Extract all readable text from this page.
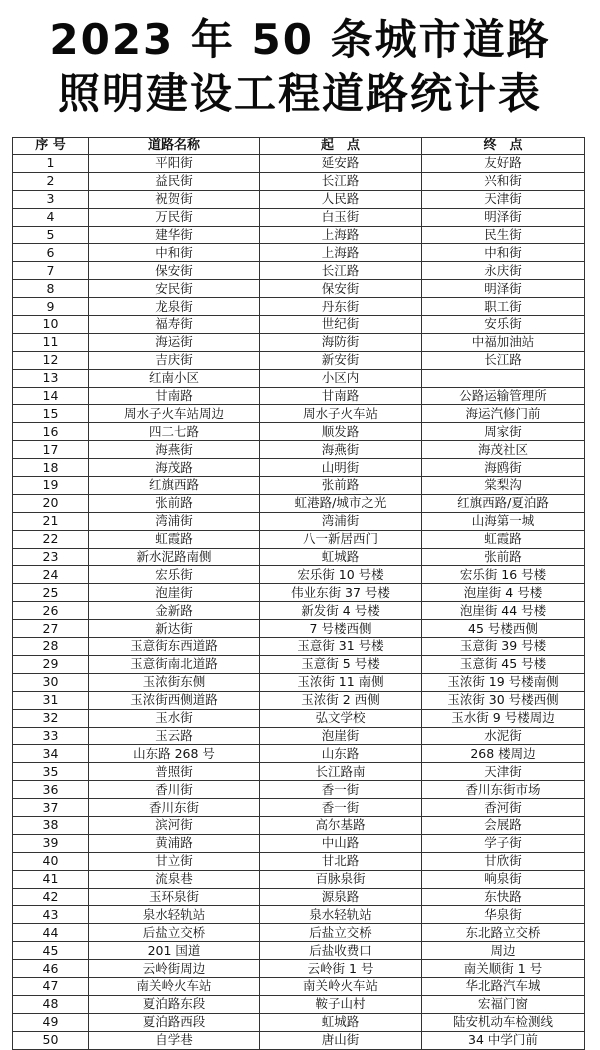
2023 年 50 条城市道路
照明建设工程道路统计表
序 号	道路名称	起　点	终　点
1	平阳街	延安路	友好路
2	益民街	长江路	兴和街
3	祝贺街	人民路	天津街
4	万民街	白玉街	明泽街
5	建华街	上海路	民生街
6	中和街	上海路	中和街
7	保安街	长江路	永庆街
8	安民街	保安街	明泽街
9	龙泉街	丹东街	职工街
10	福寿街	世纪街	安乐街
11	海运街	海防街	中福加油站
12	吉庆街	新安街	长江路
13	红南小区	小区内	
14	甘南路	甘南路	公路运输管理所
15	周水子火车站周边	周水子火车站	海运汽修门前
16	四二七路	顺发路	周家街
17	海燕街	海燕街	海茂社区
18	海茂路	山明街	海鸥街
19	红旗西路	张前路	棠梨沟
20	张前路	虹港路/城市之光	红旗西路/夏泊路
21	湾浦街	湾浦街	山海第一城
22	虹霞路	八一新居西门	虹霞路
23	新水泥路南侧	虹城路	张前路
24	宏乐街	宏乐街 10 号楼	宏乐街 16 号楼
25	泡崖街	伟业东街 37 号楼	泡崖街 4 号楼
26	金新路	新发街 4 号楼	泡崖街 44 号楼
27	新达街	7 号楼西侧	45 号楼西侧
28	玉意街东西道路	玉意街 31 号楼	玉意街 39 号楼
29	玉意街南北道路	玉意街 5 号楼	玉意街 45 号楼
30	玉浓街东侧	玉浓街 11 南侧	玉浓街 19 号楼南侧
31	玉浓街西侧道路	玉浓街 2 西侧	玉浓街 30 号楼西侧
32	玉水街	弘文学校	玉水街 9 号楼周边
33	玉云路	泡崖街	水泥街
34	山东路 268 号	山东路	268 楼周边
35	普照街	长江路南	天津街
36	香川街	香一街	香川东街市场
37	香川东街	香一街	香河街
38	滨河街	高尔基路	会展路
39	黄浦路	中山路	学子街
40	甘立街	甘北路	甘欣街
41	流泉巷	百脉泉街	响泉街
42	玉环泉街	源泉路	东快路
43	泉水轻轨站	泉水轻轨站	华泉街
44	后盐立交桥	后盐立交桥	东北路立交桥
45	201 国道	后盐收费口	周边
46	云岭街周边	云岭街 1 号	南关顺街 1 号
47	南关岭火车站	南关岭火车站	华北路汽车城
48	夏泊路东段	鞍子山村	宏福门窗
49	夏泊路西段	虹城路	陆安机动车检测线
50	自学巷	唐山街	34 中学门前
